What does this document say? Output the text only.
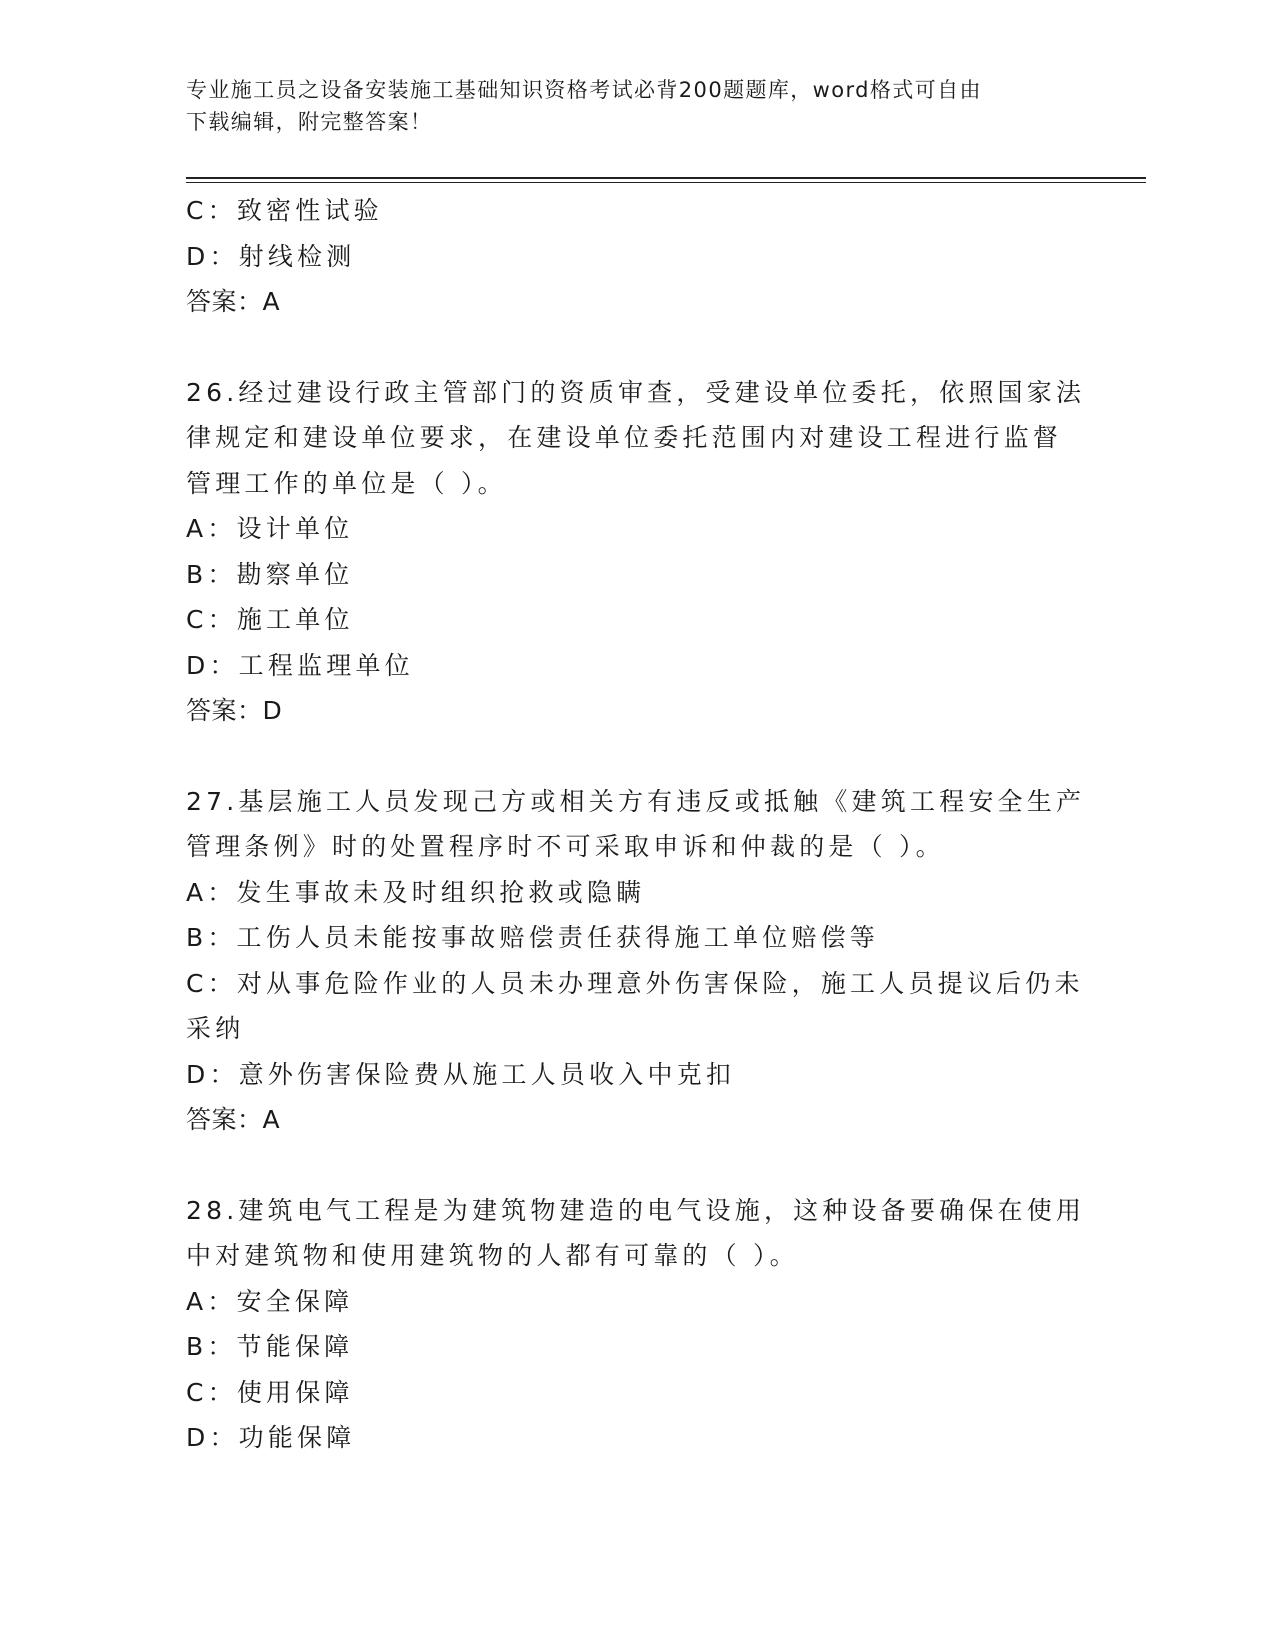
专业施工员之设备安装施工基础知识资格考试必背200题题库，word格式可自由
下载编辑，附完整答案！

C：致密性试验

D：射线检测

答案：A

26.经过建设行政主管部门的资质审查，受建设单位委托，依照国家法

律规定和建设单位要求，在建设单位委托范围内对建设工程进行监督

管理工作的单位是（ ）。

A：设计单位

B：勘察单位

C：施工单位

D：工程监理单位

答案：D

27.基层施工人员发现己方或相关方有违反或抵触《建筑工程安全生产

管理条例》时的处置程序时不可采取申诉和仲裁的是（ ）。

A：发生事故未及时组织抢救或隐瞒

B：工伤人员未能按事故赔偿责任获得施工单位赔偿等

C：对从事危险作业的人员未办理意外伤害保险，施工人员提议后仍未

采纳

D：意外伤害保险费从施工人员收入中克扣

答案：A

28.建筑电气工程是为建筑物建造的电气设施，这种设备要确保在使用

中对建筑物和使用建筑物的人都有可靠的（ ）。

A：安全保障

B：节能保障

C：使用保障

D：功能保障
